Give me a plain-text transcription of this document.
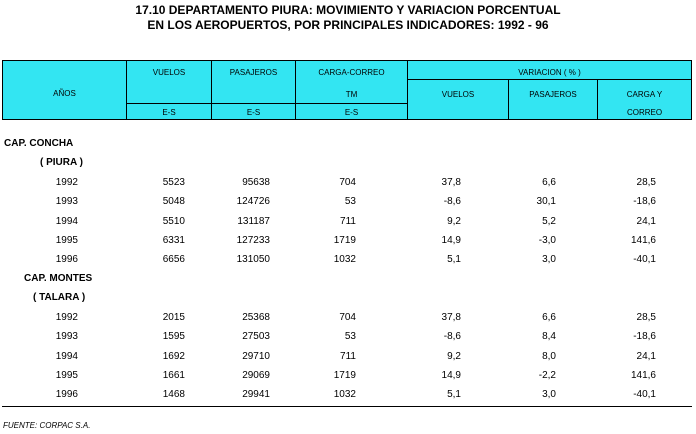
17.10 DEPARTAMENTO PIURA: MOVIMIENTO Y VARIACION PORCENTUAL
EN LOS AEROPUERTOS, POR PRINCIPALES INDICADORES: 1992 - 96
AÑOS
VUELOS
E-S
PASAJEROS
E-S
CARGA-CORREO
TM
E-S
VARIACION ( % )
VUELOS	PASAJEROS	CARGA Y
CORREO
CAP. CONCHA
( PIURA )
1992	5523	95638	704	37,8	6,6	28,5
1993	5048	124726	53	-8,6	30,1	-18,6
1994	5510	131187	711	9,2	5,2	24,1
1995	6331	127233	1719	14,9	-3,0	141,6
1996	6656	131050	1032	5,1	3,0	-40,1
CAP. MONTES
( TALARA )
1992	2015	25368	704	37,8	6,6	28,5
1993	1595	27503	53	-8,6	8,4	-18,6
1994	1692	29710	711	9,2	8,0	24,1
1995	1661	29069	1719	14,9	-2,2	141,6
1996	1468	29941	1032	5,1	3,0	-40,1
FUENTE: CORPAC S.A.
